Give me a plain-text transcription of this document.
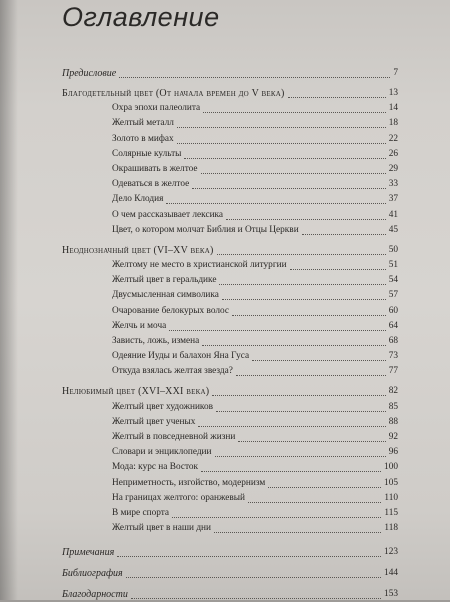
Оглавление
Предисловие	7
Благодетельный цвет (От начала времен до V века)	13
Охра эпохи палеолита	14
Желтый металл	18
Золото в мифах	22
Солярные культы	26
Окрашивать в желтое	29
Одеваться в желтое	33
Дело Клодия	37
О чем рассказывает лексика	41
Цвет, о котором молчат Библия и Отцы Церкви	45
Неоднозначный цвет (VI–XV века)	50
Желтому не место в христианской литургии	51
Желтый цвет в геральдике	54
Двусмысленная символика	57
Очарование белокурых волос	60
Желчь и моча	64
Зависть, ложь, измена	68
Одеяние Иуды и балахон Яна Гуса	73
Откуда взялась желтая звезда?	77
Нелюбимый цвет (XVI–XXI века)	82
Желтый цвет художников	85
Желтый цвет ученых	88
Желтый в повседневной жизни	92
Словари и энциклопедии	96
Мода: курс на Восток	100
Неприметность, изгойство, модернизм	105
На границах желтого: оранжевый	110
В мире спорта	115
Желтый цвет в наши дни	118
Примечания	123
Библиография	144
Благодарности	153
